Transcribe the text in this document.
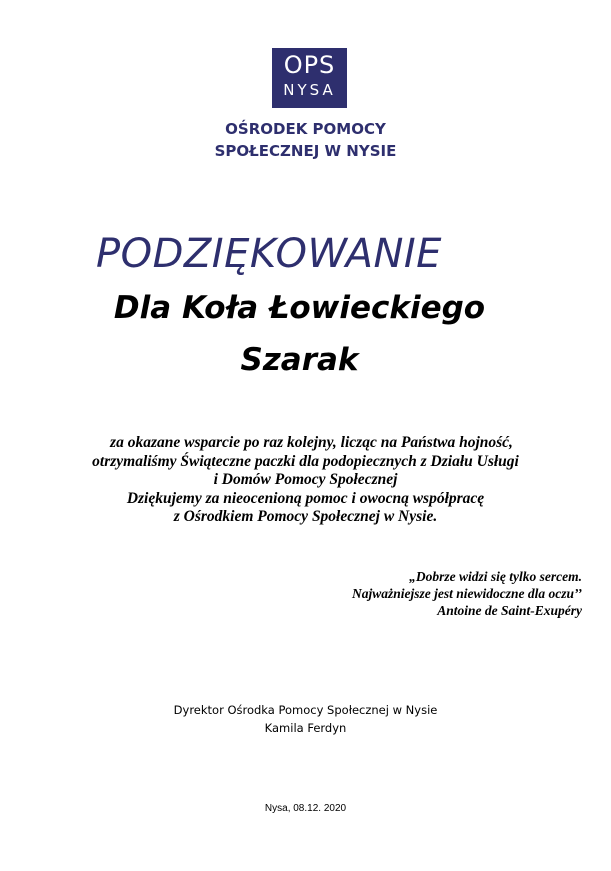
OPS
NYSA
OŚRODEK POMOCY
SPOŁECZNEJ W NYSIE
PODZIĘKOWANIE
Dla Koła Łowieckiego
Szarak
za okazane wsparcie po raz kolejny, licząc na Państwa hojność,
otrzymaliśmy Świąteczne paczki dla podopiecznych z Działu Usługi
i Domów Pomocy Społecznej
Dziękujemy za nieocenioną pomoc i owocną współpracę
z Ośrodkiem Pomocy Społecznej w Nysie.
„Dobrze widzi się tylko sercem.
Najważniejsze jest niewidoczne dla oczu’’
Antoine de Saint-Exupéry
Dyrektor Ośrodka Pomocy Społecznej w Nysie
Kamila Ferdyn
Nysa, 08.12. 2020
